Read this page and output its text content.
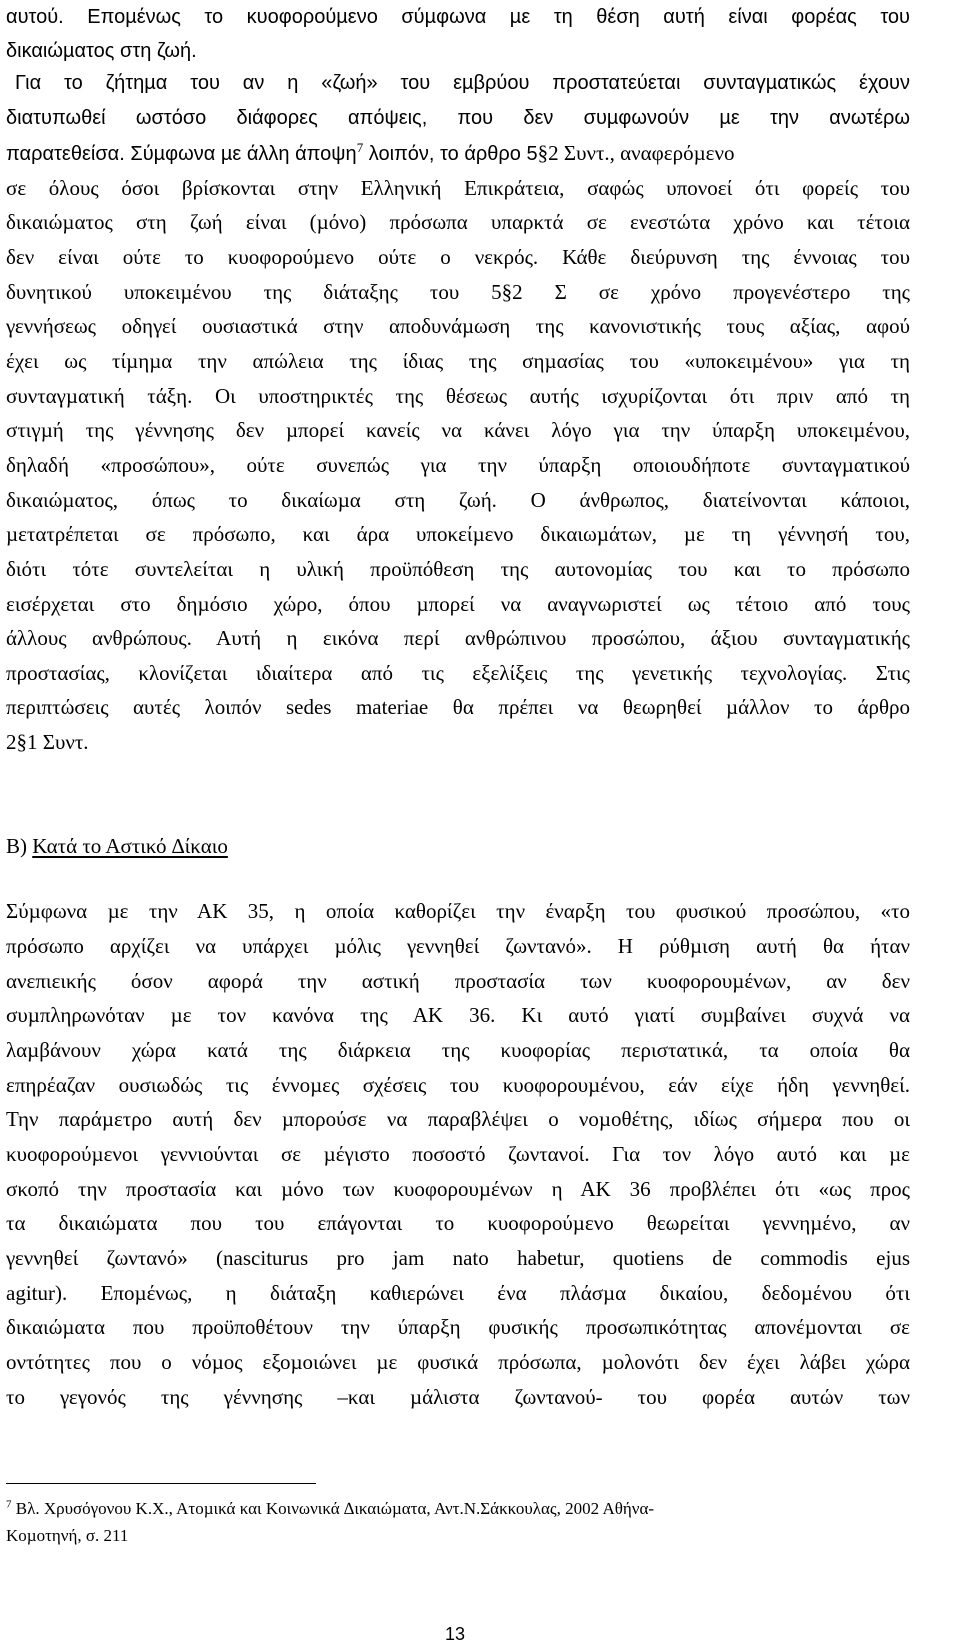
αυτού. Εποµένως το κυοφορούµενο σύµφωνα µε τη θέση αυτή είναι φορέας του
δικαιώµατος στη ζωή.
Για το ζήτηµα του αν η «ζωή» του εµβρύου προστατεύεται συνταγµατικώς έχουν
διατυπωθεί ωστόσο διάφορες απόψεις, που δεν συµφωνούν µε την ανωτέρω
παρατεθείσα. Σύµφωνα µε άλλη άποψη$^7$ λοιπόν, το άρθρο 5§2 Συντ., αναφερόµενο
σε όλους όσοι βρίσκονται στην Ελληνική Επικράτεια, σαφώς υπονοεί ότι φορείς του
δικαιώµατος στη ζωή είναι (µόνο) πρόσωπα υπαρκτά σε ενεστώτα χρόνο και τέτοια
δεν είναι ούτε το κυοφορούµενο ούτε ο νεκρός. Κάθε διεύρυνση της έννοιας του
δυνητικού υποκειµένου της διάταξης του 5§2 Σ σε χρόνο προγενέστερο της
γεννήσεως οδηγεί ουσιαστικά στην αποδυνάµωση της κανονιστικής τους αξίας, αφού
έχει ως τίµηµα την απώλεια της ίδιας της σηµασίας του «υποκειµένου» για τη
συνταγµατική τάξη. Οι υποστηρικτές της θέσεως αυτής ισχυρίζονται ότι πριν από τη
στιγµή της γέννησης δεν µπορεί κανείς να κάνει λόγο για την ύπαρξη υποκειµένου,
δηλαδή «προσώπου», ούτε συνεπώς για την ύπαρξη οποιουδήποτε συνταγµατικού
δικαιώµατος, όπως το δικαίωµα στη ζωή. Ο άνθρωπος, διατείνονται κάποιοι,
µετατρέπεται σε πρόσωπο, και άρα υποκείµενο δικαιωµάτων, µε τη γέννησή του,
διότι τότε συντελείται η υλική προϋπόθεση της αυτονοµίας του και το πρόσωπο
εισέρχεται στο δηµόσιο χώρο, όπου µπορεί να αναγνωριστεί ως τέτοιο από τους
άλλους ανθρώπους. Αυτή η εικόνα περί ανθρώπινου προσώπου, άξιου συνταγµατικής
προστασίας, κλονίζεται ιδιαίτερα από τις εξελίξεις της γενετικής τεχνολογίας. Στις
περιπτώσεις αυτές λοιπόν sedes materiae θα πρέπει να θεωρηθεί µάλλον το άρθρο
2§1 Συντ.
Β) Κατά το Αστικό ∆ίκαιο
Σύµφωνα µε την ΑΚ 35, η οποία καθορίζει την έναρξη του φυσικού προσώπου, «το
πρόσωπο αρχίζει να υπάρχει µόλις γεννηθεί ζωντανό». Η ρύθµιση αυτή θα ήταν
ανεπιεικής όσον αφορά την αστική προστασία των κυοφορουµένων, αν δεν
συµπληρωνόταν µε τον κανόνα της ΑΚ 36. Κι αυτό γιατί συµβαίνει συχνά να
λαµβάνουν χώρα κατά της διάρκεια της κυοφορίας περιστατικά, τα οποία θα
επηρέαζαν ουσιωδώς τις έννοµες σχέσεις του κυοφορουµένου, εάν είχε ήδη γεννηθεί.
Την παράµετρο αυτή δεν µπορούσε να παραβλέψει ο νοµοθέτης, ιδίως σήµερα που οι
κυοφορούµενοι γεννιούνται σε µέγιστο ποσοστό ζωντανοί. Για τον λόγο αυτό και µε
σκοπό την προστασία και µόνο των κυοφορουµένων η ΑΚ 36 προβλέπει ότι «ως προς
τα δικαιώµατα που του επάγονται το κυοφορούµενο θεωρείται γεννηµένο, αν
γεννηθεί ζωντανό» (nasciturus pro jam nato habetur, quotiens de commodis ejus
agitur). Εποµένως, η διάταξη καθιερώνει ένα πλάσµα δικαίου, δεδοµένου ότι
δικαιώµατα που προϋποθέτουν την ύπαρξη φυσικής προσωπικότητας απονέµονται σε
οντότητες που ο νόµος εξοµοιώνει µε φυσικά πρόσωπα, µολονότι δεν έχει λάβει χώρα
το γεγονός της γέννησης –και µάλιστα ζωντανού- του φορέα αυτών των
$^7$ Βλ. Χρυσόγονου Κ.Χ., Ατοµικά και Κοινωνικά ∆ικαιώµατα, Αντ.Ν.Σάκκουλας, 2002 Αθήνα-
Κοµοτηνή, σ. 211
13
